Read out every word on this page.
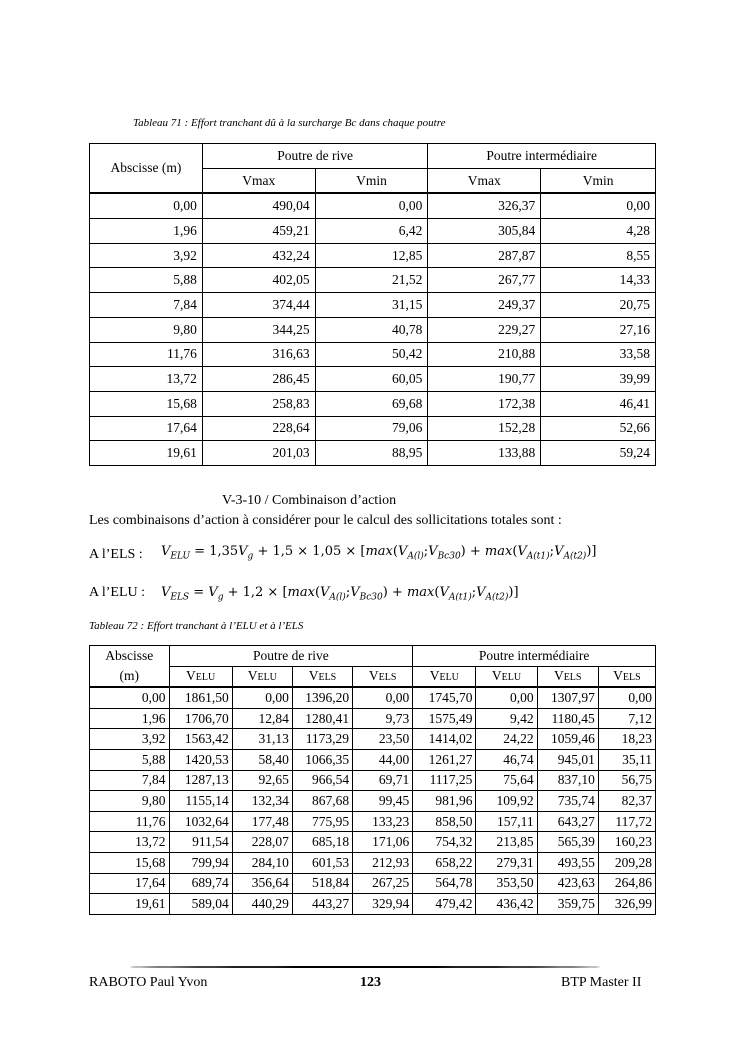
Tableau 71 : Effort tranchant dû à la surcharge Bc dans chaque poutre
Abscisse (m)	Poutre de rive		Poutre intermédiaire	
	Vmax	Vmin	Vmax	Vmin
0,00	490,04	0,00	326,37	0,00
1,96	459,21	6,42	305,84	4,28
3,92	432,24	12,85	287,87	8,55
5,88	402,05	21,52	267,77	14,33
7,84	374,44	31,15	249,37	20,75
9,80	344,25	40,78	229,27	27,16
11,76	316,63	50,42	210,88	33,58
13,72	286,45	60,05	190,77	39,99
15,68	258,83	69,68	172,38	46,41
17,64	228,64	79,06	152,28	52,66
19,61	201,03	88,95	133,88	59,24
V-3-10 / Combinaison d’action
Les combinaisons d’action à considérer pour le calcul des sollicitations totales sont :
A l’ELS : $V_{ELU} = 1,35V_g + 1,5 \times 1,05$ × [$\max(V_{A(l)};V_{Bc30})$ + $\max(V_{A(t1)};V_{A(t2)})$]
A l’ELU : $V_{ELS} = V_g + 1,2$ × [$\max(V_{A(l)};V_{Bc30})$ + $\max(V_{A(t1)};V_{A(t2)})$]
Tableau 72 : Effort tranchant à l’ELU et à l’ELS
Abscisse	Poutre de rive				Poutre intermédiaire			
(m)	VELU	VELU	VELS	VELS	VELU	VELU	VELS	VELS
0,00	1861,50	0,00	1396,20	0,00	1745,70	0,00	1307,97	0,00
1,96	1706,70	12,84	1280,41	9,73	1575,49	9,42	1180,45	7,12
3,92	1563,42	31,13	1173,29	23,50	1414,02	24,22	1059,46	18,23
5,88	1420,53	58,40	1066,35	44,00	1261,27	46,74	945,01	35,11
7,84	1287,13	92,65	966,54	69,71	1117,25	75,64	837,10	56,75
9,80	1155,14	132,34	867,68	99,45	981,96	109,92	735,74	82,37
11,76	1032,64	177,48	775,95	133,23	858,50	157,11	643,27	117,72
13,72	911,54	228,07	685,18	171,06	754,32	213,85	565,39	160,23
15,68	799,94	284,10	601,53	212,93	658,22	279,31	493,55	209,28
17,64	689,74	356,64	518,84	267,25	564,78	353,50	423,63	264,86
19,61	589,04	440,29	443,27	329,94	479,42	436,42	359,75	326,99
RABOTO Paul Yvon	123	BTP Master II
